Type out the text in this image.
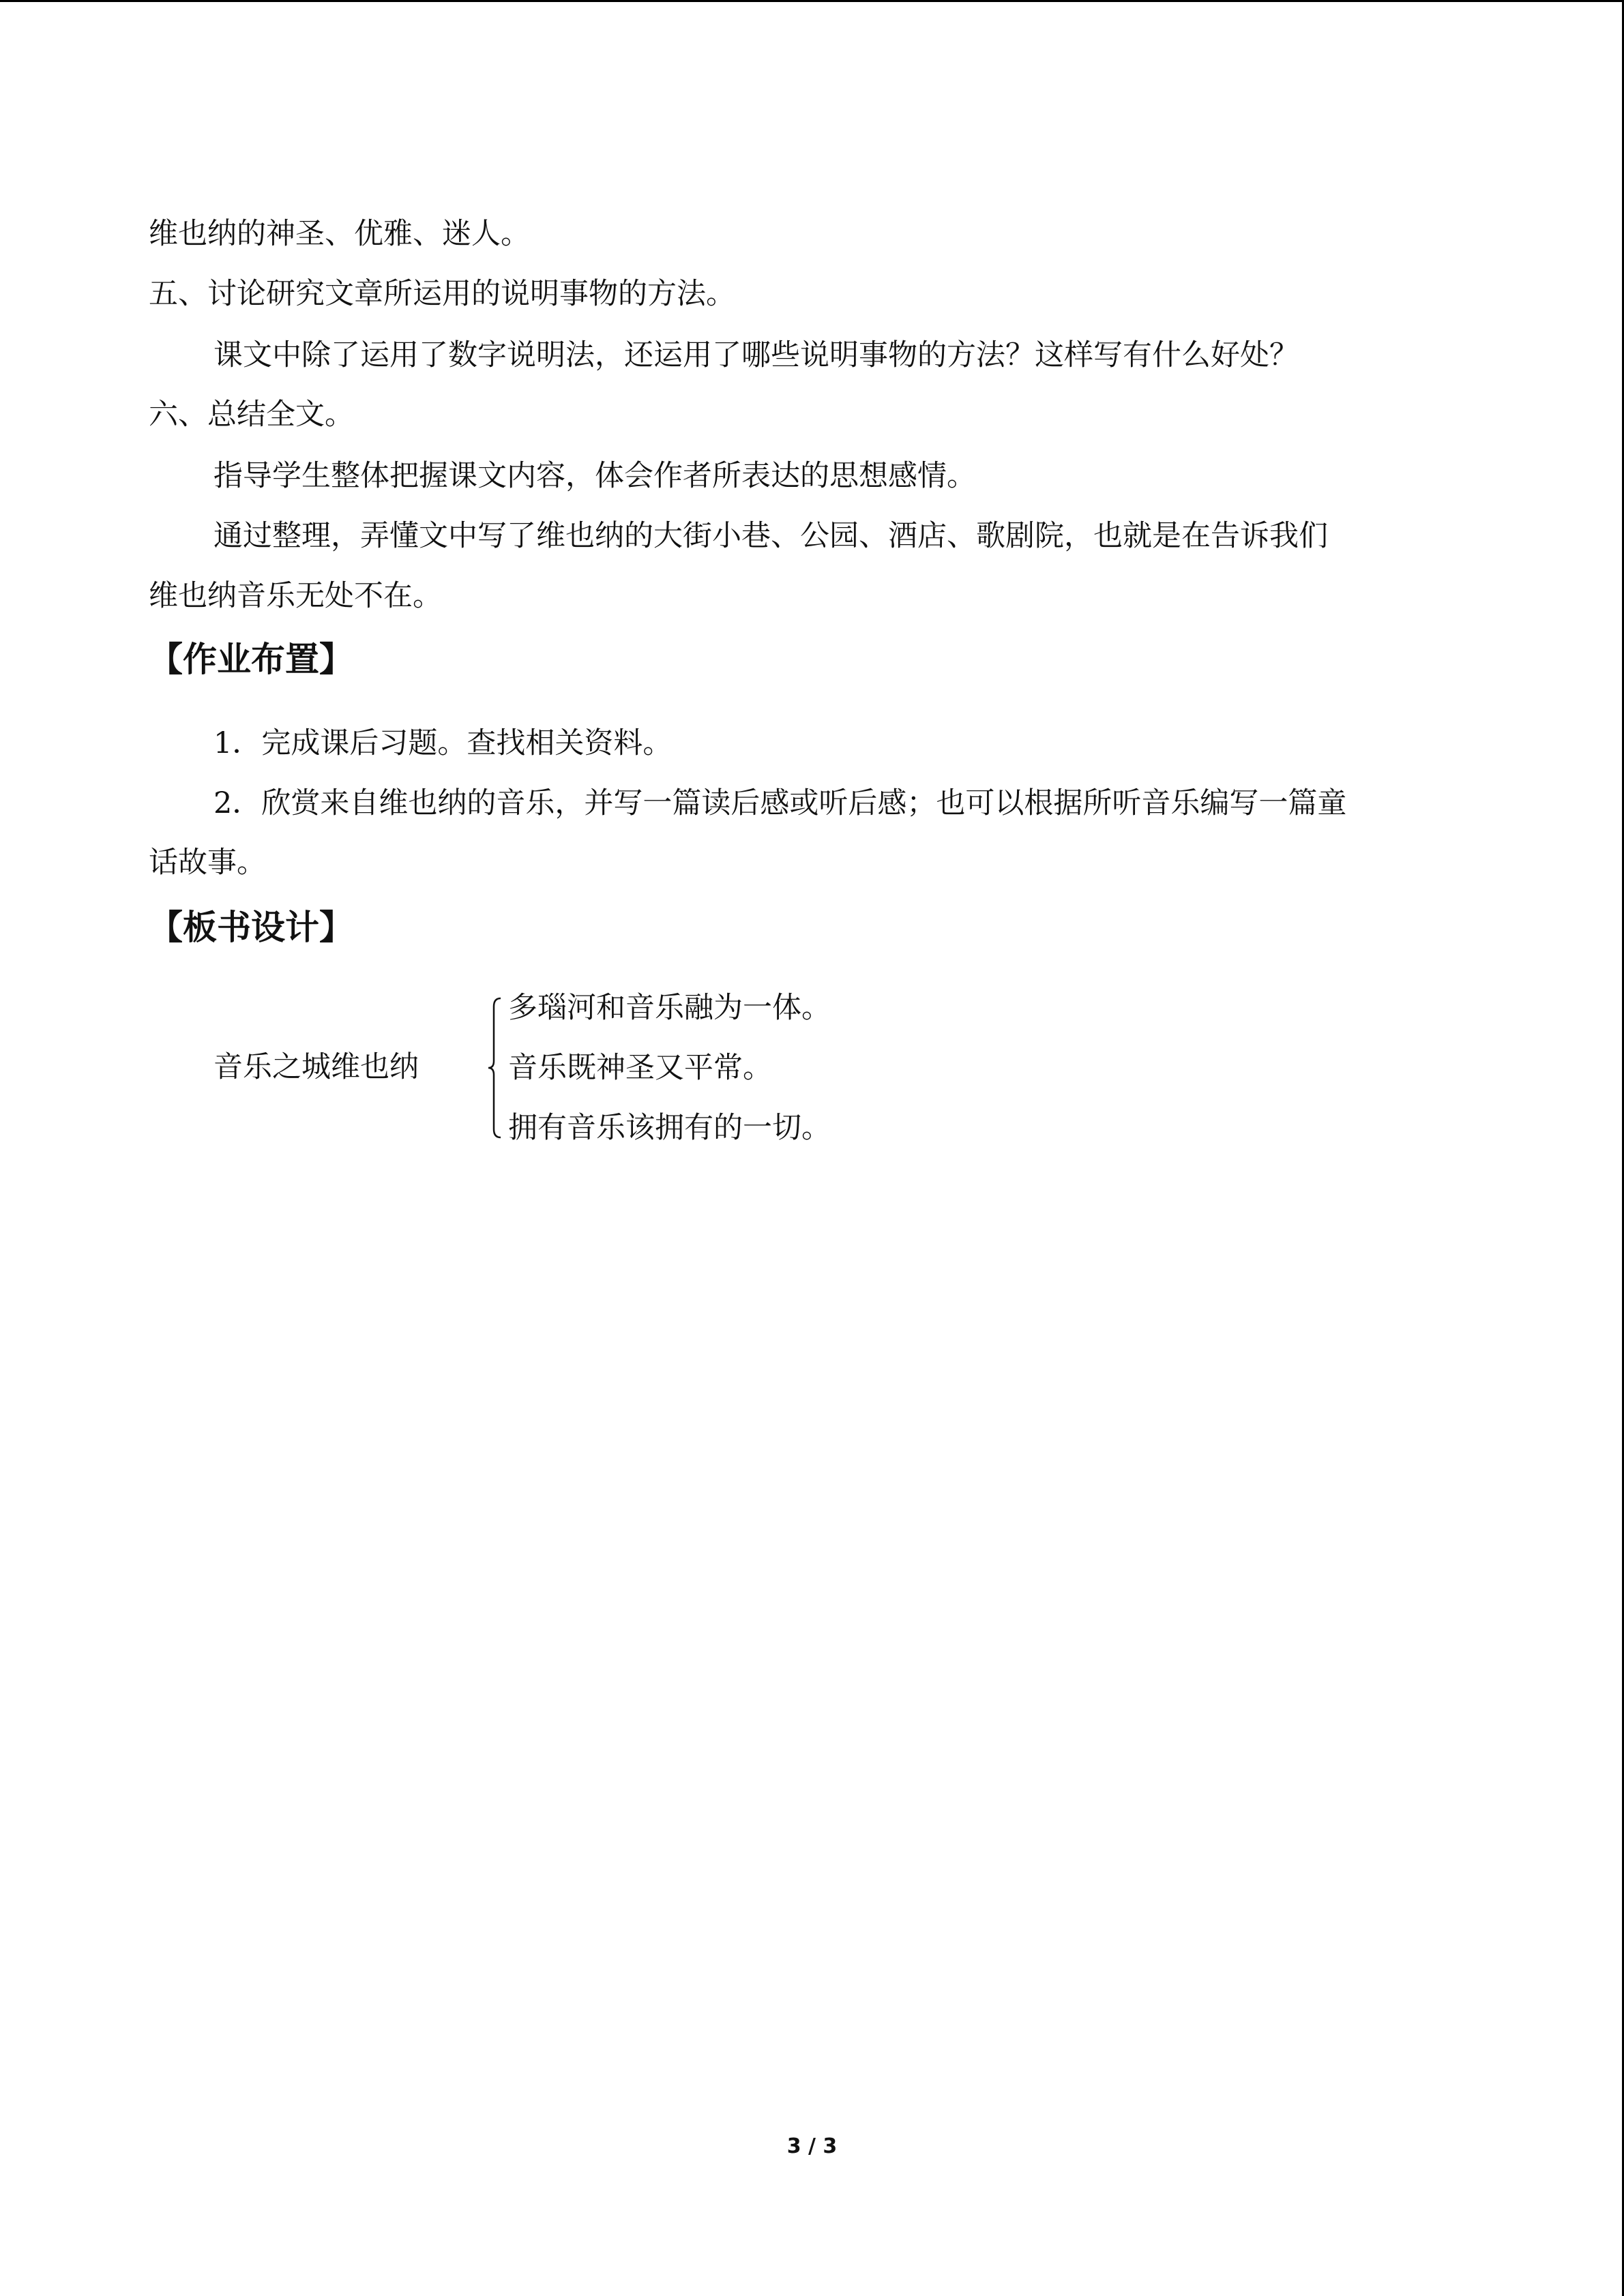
维也纳的神圣、优雅、迷人。
五、讨论研究文章所运用的说明事物的方法。
课文中除了运用了数字说明法，还运用了哪些说明事物的方法？这样写有什么好处？
六、总结全文。
指导学生整体把握课文内容，体会作者所表达的思想感情。
通过整理，弄懂文中写了维也纳的大街小巷、公园、酒店、歌剧院，也就是在告诉我们
维也纳音乐无处不在。
【作业布置】
1．完成课后习题。查找相关资料。
2．欣赏来自维也纳的音乐，并写一篇读后感或听后感；也可以根据所听音乐编写一篇童
话故事。
【板书设计】
音乐之城维也纳
多瑙河和音乐融为一体。
音乐既神圣又平常。
拥有音乐该拥有的一切。
3 / 3
